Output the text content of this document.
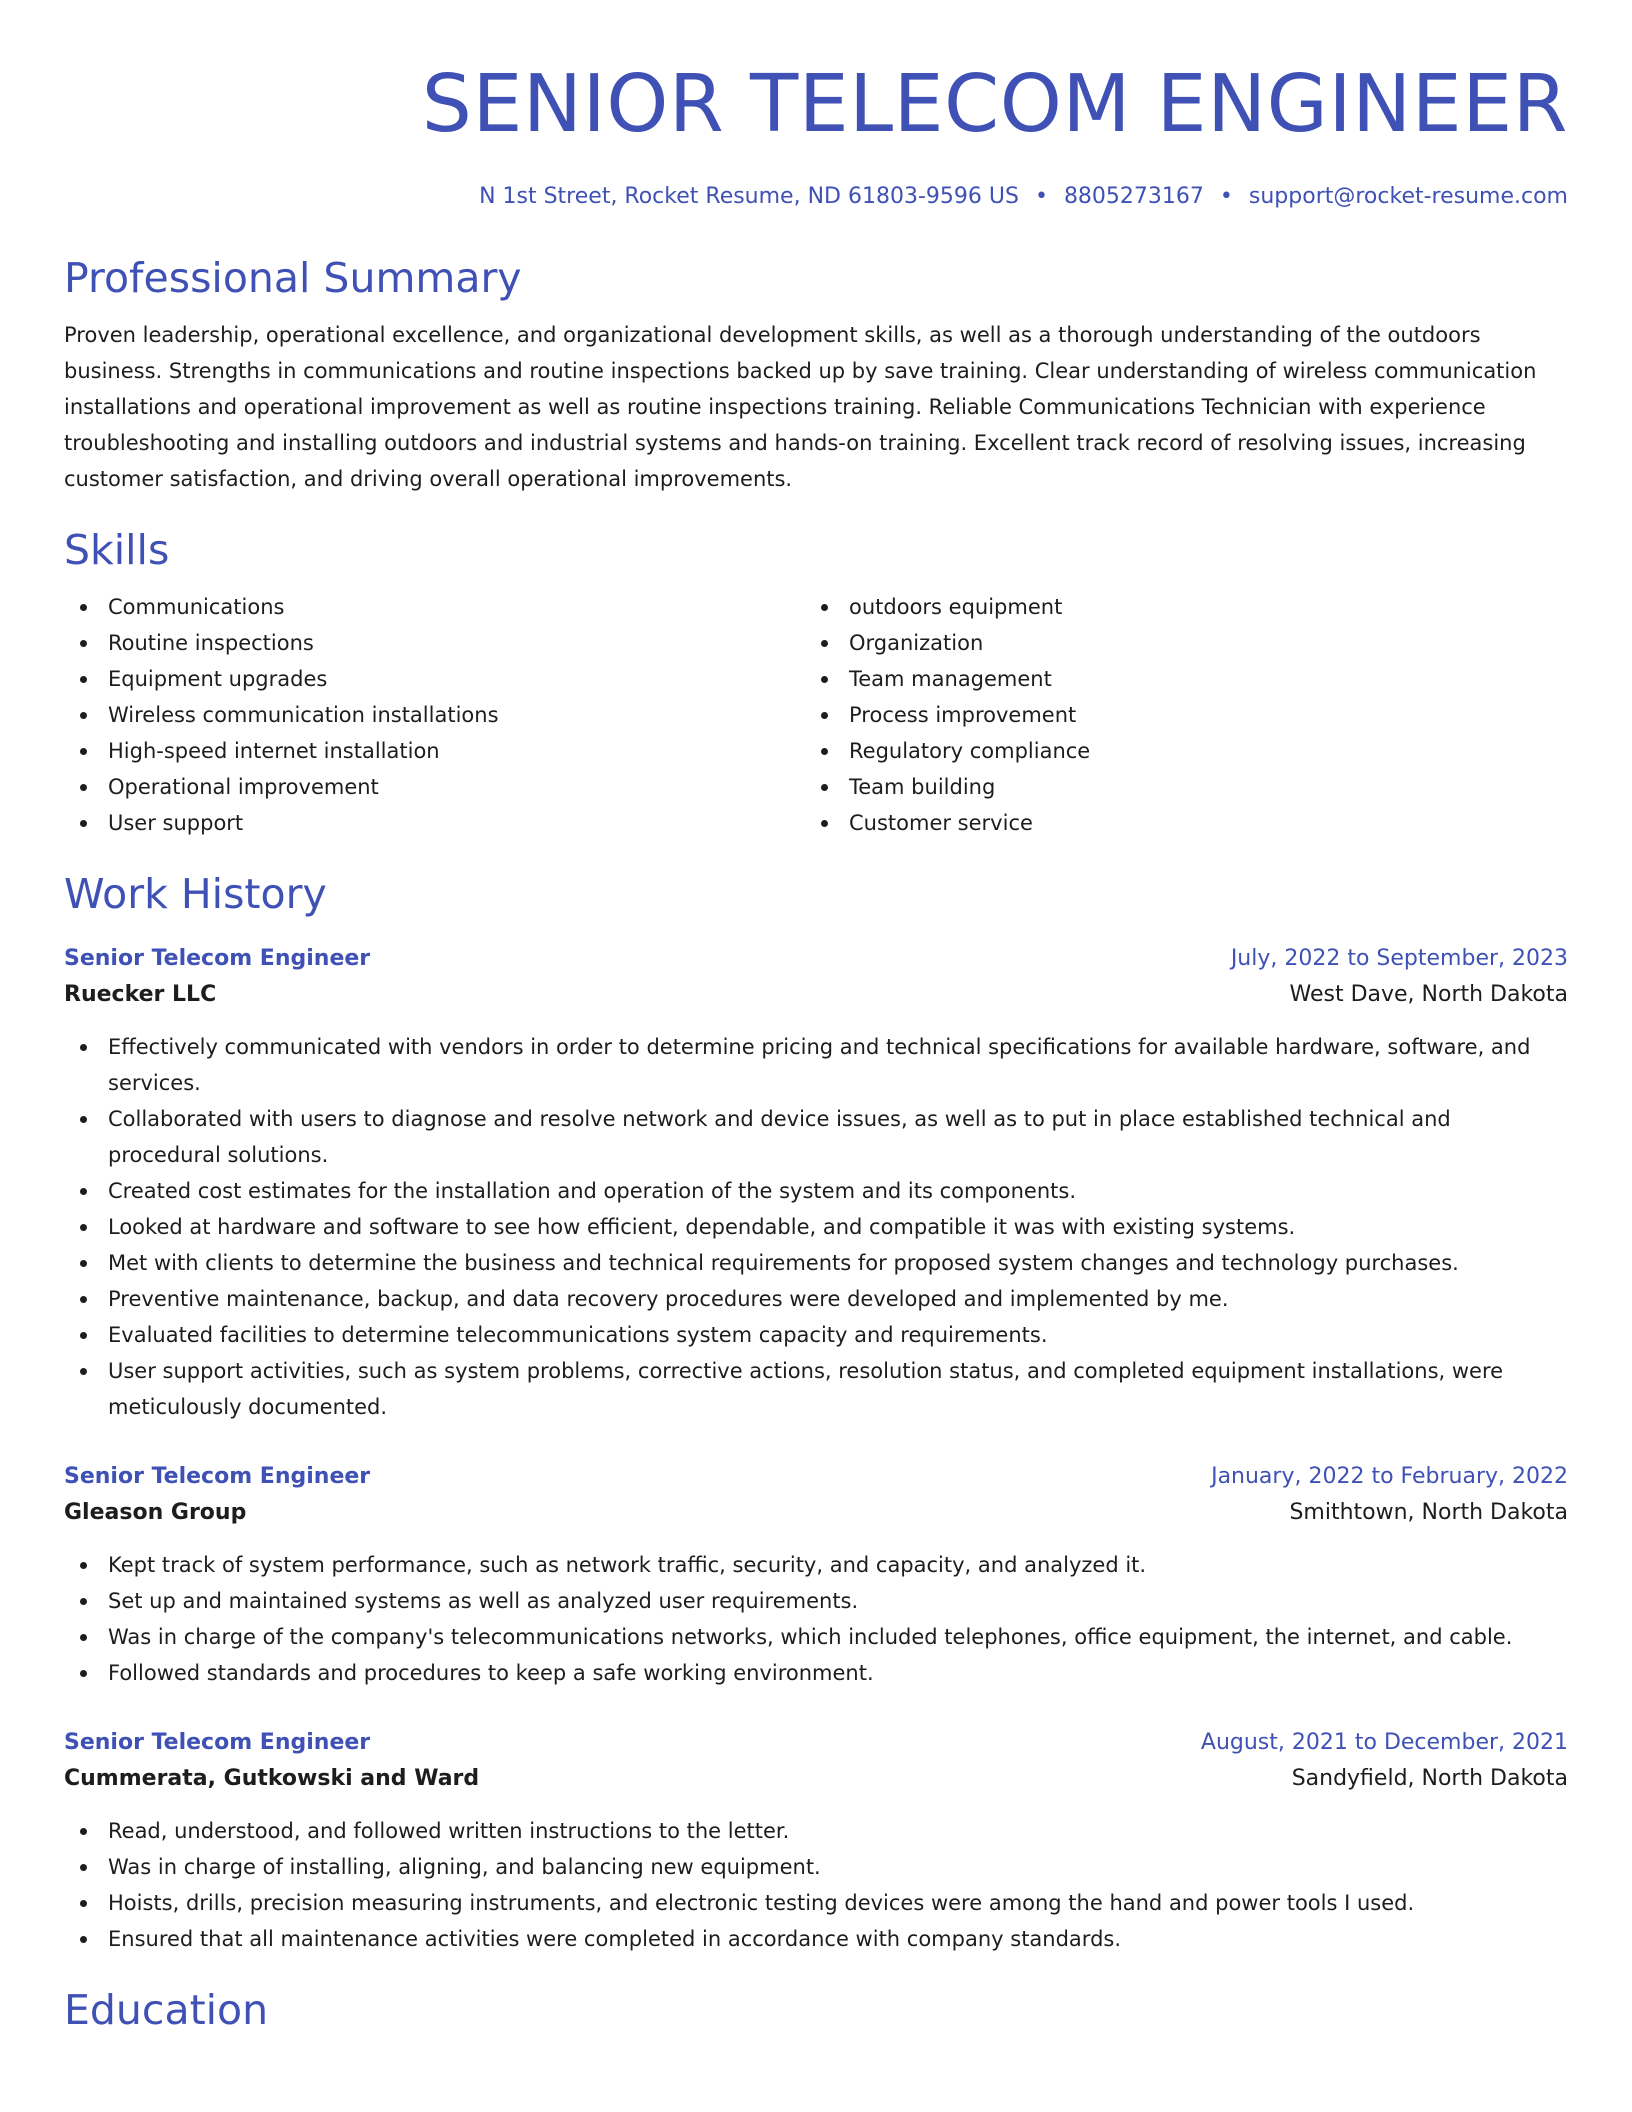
SENIOR TELECOM ENGINEER
N 1st Street, Rocket Resume, ND 61803-9596 US • 8805273167 • support@rocket-resume.com
Professional Summary
Proven leadership, operational excellence, and organizational development skills, as well as a thorough understanding of the outdoors business. Strengths in communications and routine inspections backed up by save training. Clear understanding of wireless communication installations and operational improvement as well as routine inspections training. Reliable Communications Technician with experience troubleshooting and installing outdoors and industrial systems and hands-on training. Excellent track record of resolving issues, increasing customer satisfaction, and driving overall operational improvements.
Skills
Communications
Routine inspections
Equipment upgrades
Wireless communication installations
High-speed internet installation
Operational improvement
User support
outdoors equipment
Organization
Team management
Process improvement
Regulatory compliance
Team building
Customer service
Work History
Senior Telecom Engineer	July, 2022 to September, 2023
Ruecker LLC	West Dave, North Dakota
Effectively communicated with vendors in order to determine pricing and technical specifications for available hardware, software, and services.
Collaborated with users to diagnose and resolve network and device issues, as well as to put in place established technical and procedural solutions.
Created cost estimates for the installation and operation of the system and its components.
Looked at hardware and software to see how efficient, dependable, and compatible it was with existing systems.
Met with clients to determine the business and technical requirements for proposed system changes and technology purchases.
Preventive maintenance, backup, and data recovery procedures were developed and implemented by me.
Evaluated facilities to determine telecommunications system capacity and requirements.
User support activities, such as system problems, corrective actions, resolution status, and completed equipment installations, were meticulously documented.
Senior Telecom Engineer	January, 2022 to February, 2022
Gleason Group	Smithtown, North Dakota
Kept track of system performance, such as network traffic, security, and capacity, and analyzed it.
Set up and maintained systems as well as analyzed user requirements.
Was in charge of the company's telecommunications networks, which included telephones, office equipment, the internet, and cable.
Followed standards and procedures to keep a safe working environment.
Senior Telecom Engineer	August, 2021 to December, 2021
Cummerata, Gutkowski and Ward	Sandyfield, North Dakota
Read, understood, and followed written instructions to the letter.
Was in charge of installing, aligning, and balancing new equipment.
Hoists, drills, precision measuring instruments, and electronic testing devices were among the hand and power tools I used.
Ensured that all maintenance activities were completed in accordance with company standards.
Education
